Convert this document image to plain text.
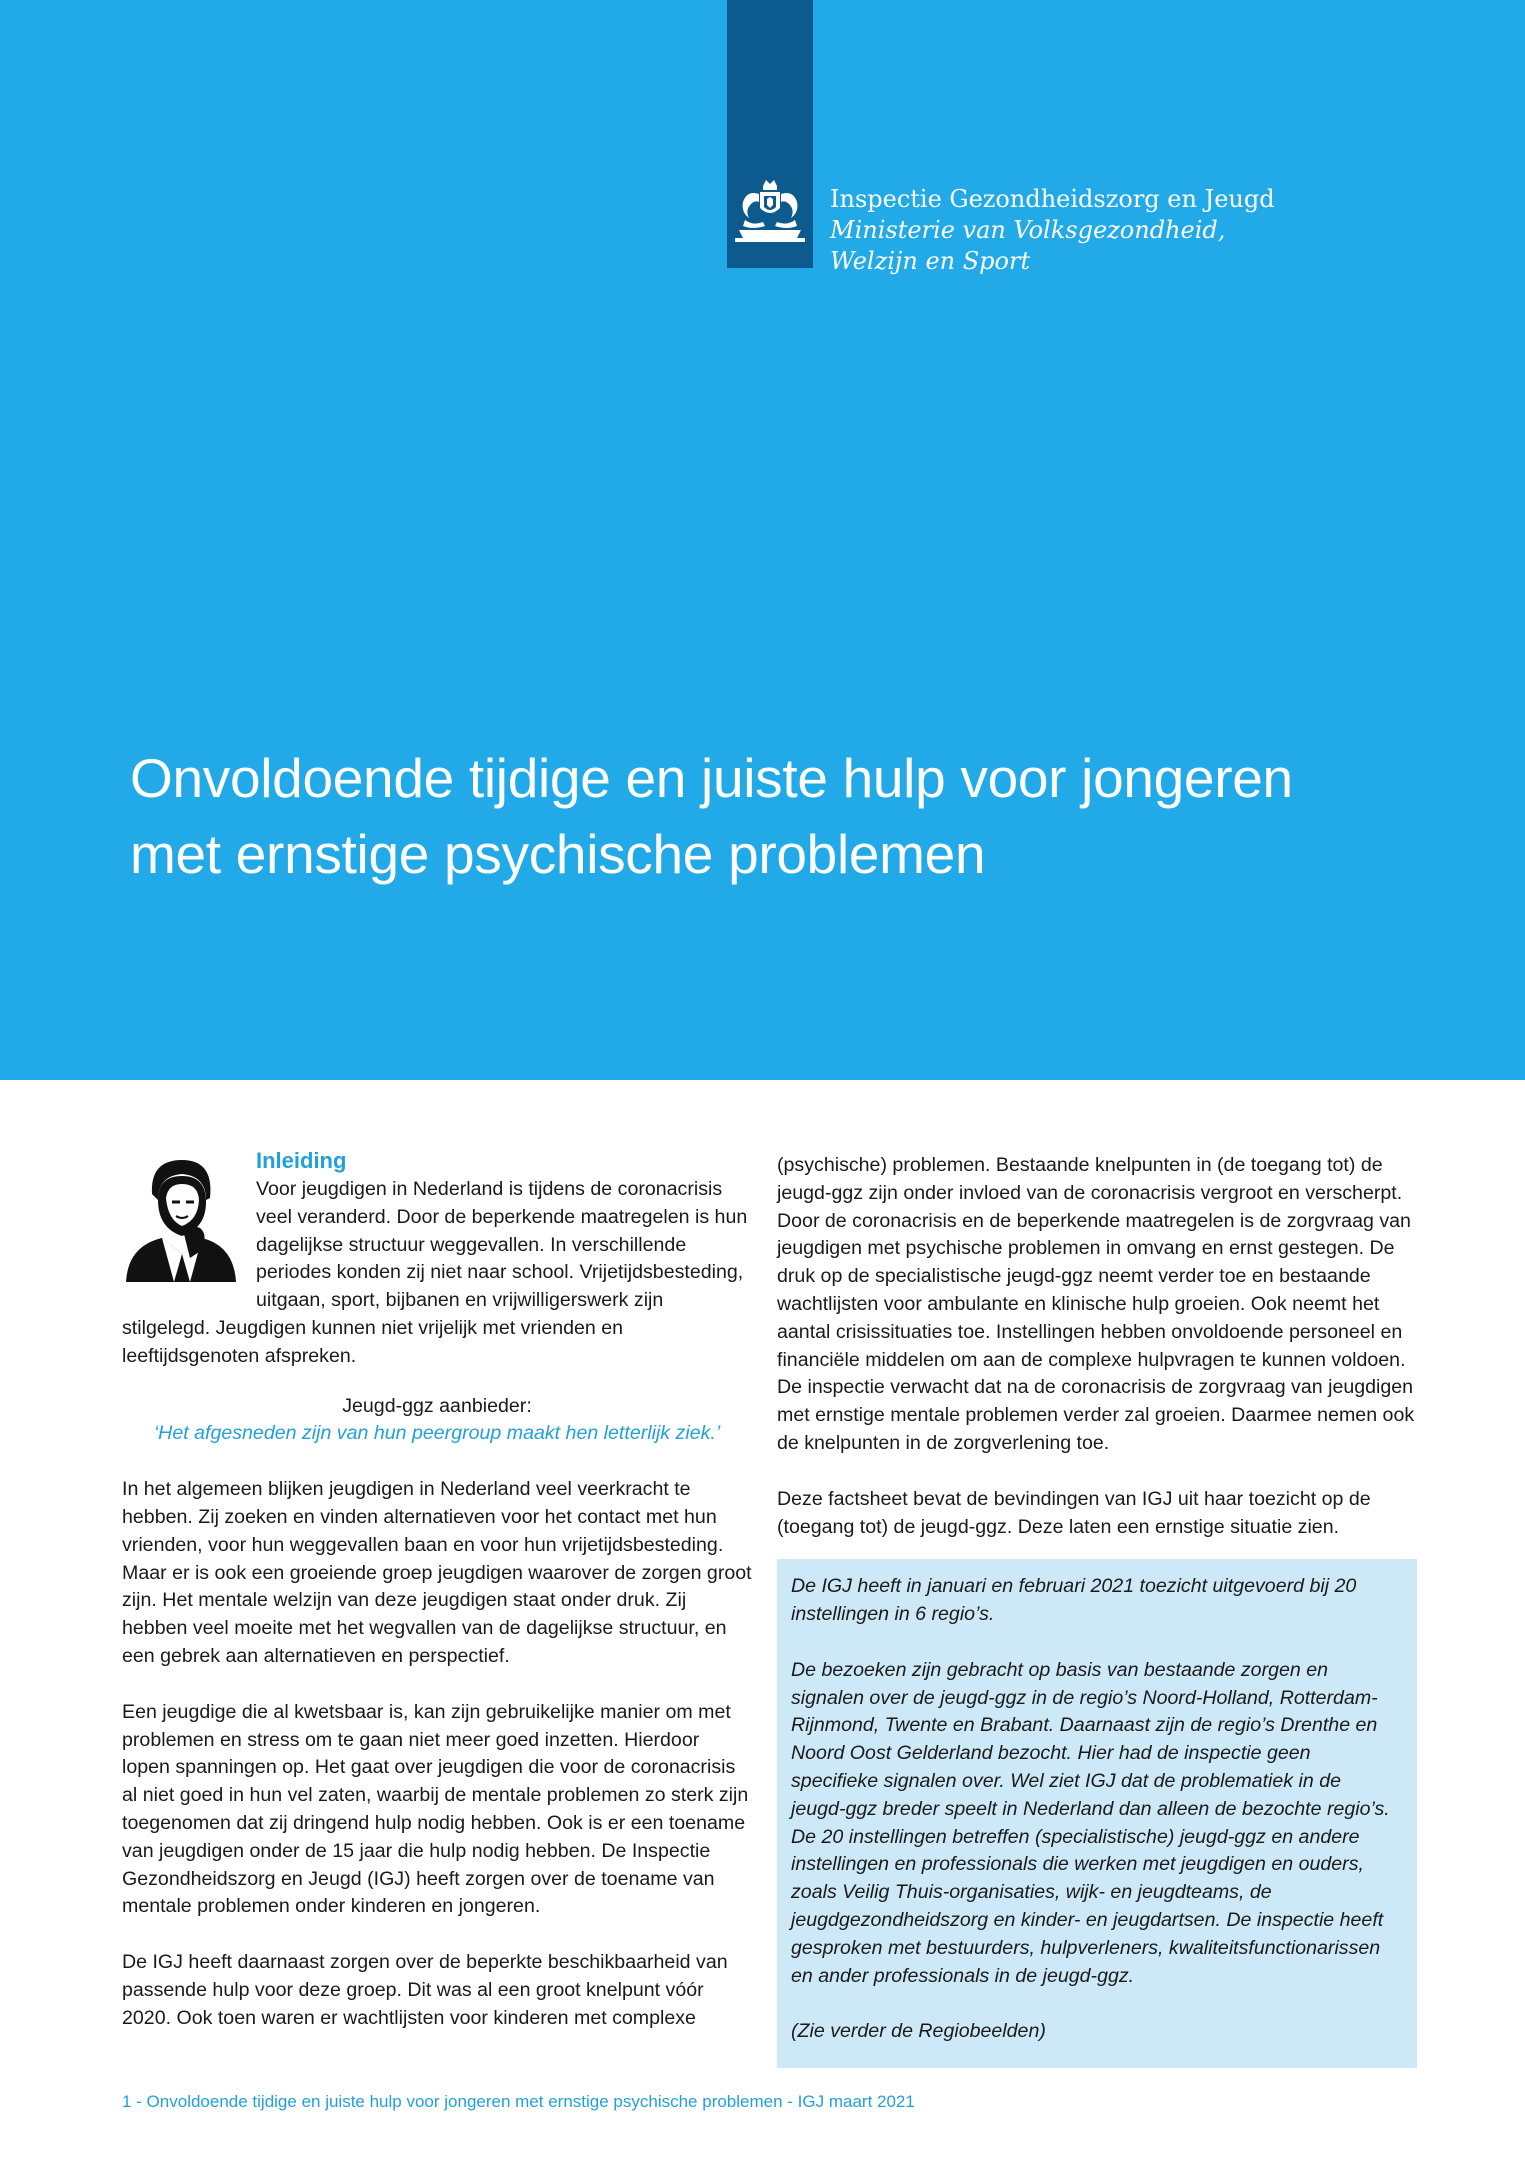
Inspectie Gezondheidszorg en Jeugd
Ministerie van Volksgezondheid,
Welzijn en Sport
Onvoldoende tijdige en juiste hulp voor jongeren
met ernstige psychische problemen

Inleiding

Voor jeugdigen in Nederland is tijdens de coronacrisis veel veranderd. Door de beperkende maatregelen is hun dagelijkse structuur weggevallen. In verschillende periodes konden zij niet naar school. Vrijetijdsbesteding, uitgaan, sport, bijbanen en vrijwilligerswerk zijn stilgelegd. Jeugdigen kunnen niet vrijelijk met vrienden en leeftijdsgenoten afspreken.

Jeugd-ggz aanbieder:

‘Het afgesneden zijn van hun peergroup maakt hen letterlijk ziek.’

In het algemeen blijken jeugdigen in Nederland veel veerkracht te hebben. Zij zoeken en vinden alternatieven voor het contact met hun vrienden, voor hun weggevallen baan en voor hun vrijetijdsbesteding. Maar er is ook een groeiende groep jeugdigen waarover de zorgen groot zijn. Het mentale welzijn van deze jeugdigen staat onder druk. Zij hebben veel moeite met het wegvallen van de dagelijkse structuur, en een gebrek aan alternatieven en perspectief.

Een jeugdige die al kwetsbaar is, kan zijn gebruikelijke manier om met problemen en stress om te gaan niet meer goed inzetten. Hierdoor lopen spanningen op. Het gaat over jeugdigen die voor de coronacrisis al niet goed in hun vel zaten, waarbij de mentale problemen zo sterk zijn toegenomen dat zij dringend hulp nodig hebben. Ook is er een toename van jeugdigen onder de 15 jaar die hulp nodig hebben. De Inspectie Gezondheidszorg en Jeugd (IGJ) heeft zorgen over de toename van mentale problemen onder kinderen en jongeren.

De IGJ heeft daarnaast zorgen over de beperkte beschikbaarheid van passende hulp voor deze groep. Dit was al een groot knelpunt vóór 2020. Ook toen waren er wachtlijsten voor kinderen met complexe

(psychische) problemen. Bestaande knelpunten in (de toegang tot) de jeugd-ggz zijn onder invloed van de coronacrisis vergroot en verscherpt. Door de coronacrisis en de beperkende maatregelen is de zorgvraag van jeugdigen met psychische problemen in omvang en ernst gestegen. De druk op de specialistische jeugd-ggz neemt verder toe en bestaande wachtlijsten voor ambulante en klinische hulp groeien. Ook neemt het aantal crisissituaties toe. Instellingen hebben onvoldoende personeel en financiële middelen om aan de complexe hulpvragen te kunnen voldoen. De inspectie verwacht dat na de coronacrisis de zorgvraag van jeugdigen met ernstige mentale problemen verder zal groeien. Daarmee nemen ook de knelpunten in de zorgverlening toe.

Deze factsheet bevat de bevindingen van IGJ uit haar toezicht op de (toegang tot) de jeugd-ggz. Deze laten een ernstige situatie zien.

De IGJ heeft in januari en februari 2021 toezicht uitgevoerd bij 20 instellingen in 6 regio’s.

De bezoeken zijn gebracht op basis van bestaande zorgen en signalen over de jeugd-ggz in de regio’s Noord-Holland, Rotterdam-Rijnmond, Twente en Brabant. Daarnaast zijn de regio’s Drenthe en Noord Oost Gelderland bezocht. Hier had de inspectie geen specifieke signalen over. Wel ziet IGJ dat de problematiek in de jeugd-ggz breder speelt in Nederland dan alleen de bezochte regio’s.

De 20 instellingen betreffen (specialistische) jeugd-ggz en andere instellingen en professionals die werken met jeugdigen en ouders, zoals Veilig Thuis-organisaties, wijk- en jeugdteams, de jeugdgezondheidszorg en kinder- en jeugdartsen. De inspectie heeft gesproken met bestuurders, hulpverleners, kwaliteitsfunctionarissen en ander professionals in de jeugd-ggz.

(Zie verder de Regiobeelden)

1 - Onvoldoende tijdige en juiste hulp voor jongeren met ernstige psychische problemen - IGJ maart 2021
